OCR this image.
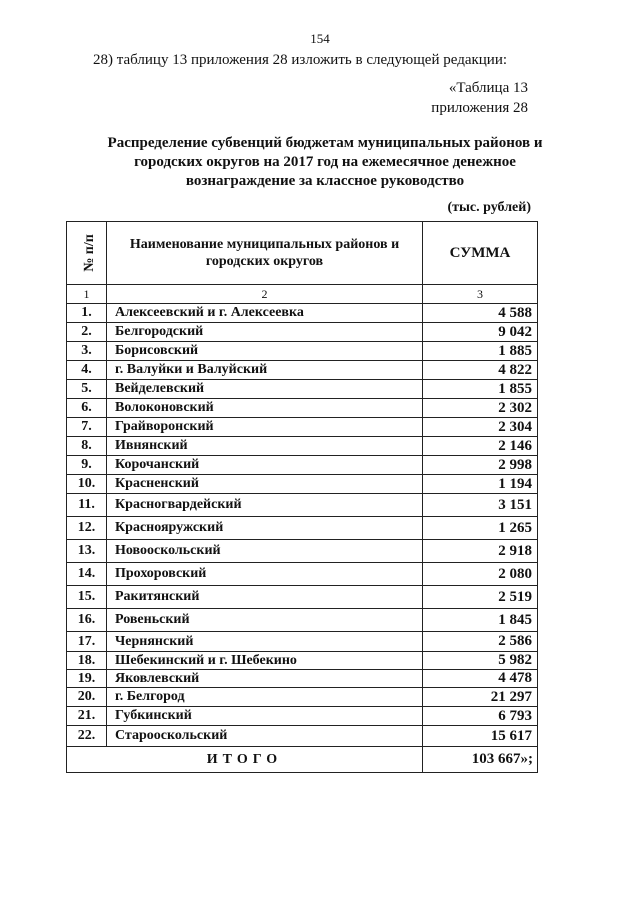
154
28) таблицу 13 приложения 28 изложить в следующей редакции:
«Таблица 13
приложения 28
Распределение субвенций бюджетам муниципальных районов и
городских округов на 2017 год на ежемесячное денежное
вознаграждение за классное руководство
(тыс. рублей)
№ п/п	Наименование муниципальных районов и
городских округов	СУММА
1	2	3
1.	Алексеевский и г. Алексеевка	4 588
2.	Белгородский	9 042
3.	Борисовский	1 885
4.	г. Валуйки и Валуйский	4 822
5.	Вейделевский	1 855
6.	Волоконовский	2 302
7.	Грайворонский	2 304
8.	Ивнянский	2 146
9.	Корочанский	2 998
10.	Красненский	1 194
11.	Красногвардейский	3 151
12.	Краснояружский	1 265
13.	Новооскольский	2 918
14.	Прохоровский	2 080
15.	Ракитянский	2 519
16.	Ровеньский	1 845
17.	Чернянский	2 586
18.	Шебекинский и г. Шебекино	5 982
19.	Яковлевский	4 478
20.	г. Белгород	21 297
21.	Губкинский	6 793
22.	Старооскольский	15 617
ИТОГО		103 667»;
